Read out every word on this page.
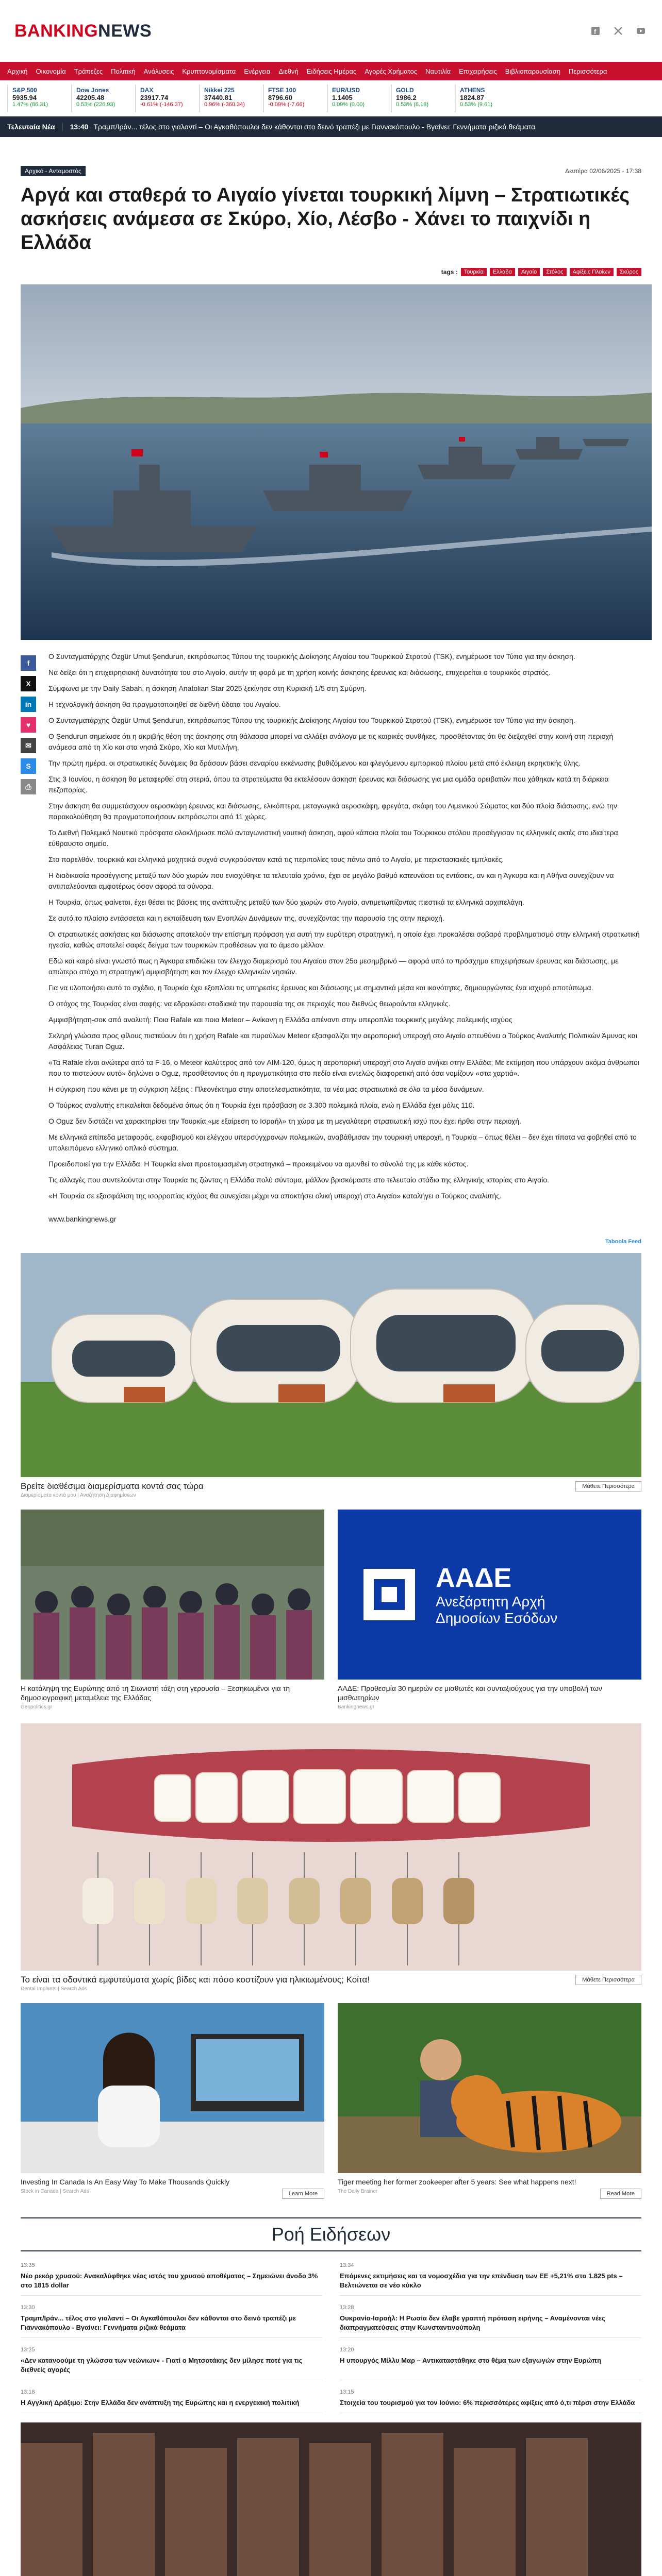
BANKINGNEWS	f
Αρχική Οικονομία Τράπεζες Πολιτική Ανάλυσεις Κρυπτονομίσματα Ενέργεια Διεθνή Ειδήσεις Ημέρας Αγορές Χρήματος Ναυτιλία Επιχειρήσεις Βιβλιοπαρουσίαση Περισσότερα
S&P 500
5935.94
1.47% (86.31)
Dow Jones
42205.48
0.53% (226.93)
DAX
23917.74
-0.61% (-146.37)
Nikkei 225
37440.81
0.96% (-360.34)
FTSE 100
8796.60
-0.09% (-7.66)
EUR/USD
1.1405
0.09% (0.00)
GOLD
1986.2
0.53% (6.18)
ATHENS
1824.87
0.53% (9.61)
Τελευταία Νέα	13:40 Τραμπ/Ιράν... τέλος στο γιαλαντί – Οι Αγκαθόπουλοι δεν κάθονται στο δεινό τραπέζι με Γιαννακόπουλο - Βγαίνει: Γεννήματα ριζικά θεάματα
Αρχικό - Ανταμοστός	Δευτέρα 02/06/2025 - 17:38
Αργά και σταθερά το Αιγαίο γίνεται τουρκική λίμνη – Στρατιωτικές ασκήσεις ανάμεσα σε Σκύρο, Χίο, Λέσβο - Χάνει το παιχνίδι η Ελλάδα
tags :	Τουρκία	Ελλάδα	Αιγαίο	Στόλος	Αφίξεις Πλοίων	Σκύρος
f
X
in
♥
✉
S
⎙

Ο Συνταγματάρχης Özgür Umut Şendurun, εκπρόσωπος Τύπου της τουρκικής Διοίκησης Αιγαίου του Τουρκικού Στρατού (TSK), ενημέρωσε τον Τύπο για την άσκηση.

Να δείξει ότι η επιχειρησιακή δυνατότητα του στο Αιγαίο, αυτήν τη φορά με τη χρήση κοινής άσκησης έρευνας και διάσωσης, επιχειρείται ο τουρκικός στρατός.

Σύμφωνα με την Daily Sabah, η άσκηση Anatolian Star 2025 ξεκίνησε στη Κυριακή 1/5 στη Σμύρνη.

Η τεχνολογική άσκηση θα πραγματοποιηθεί σε διεθνή ύδατα του Αιγαίου.

Ο Συνταγματάρχης Özgür Umut Şendurun, εκπρόσωπος Τύπου της τουρκικής Διοίκησης Αιγαίου του Τουρκικού Στρατού (TSK), ενημέρωσε τον Τύπο για την άσκηση.

Ο Şendurun σημείωσε ότι η ακριβής θέση της άσκησης στη θάλασσα μπορεί να αλλάξει ανάλογα με τις καιρικές συνθήκες, προσθέτοντας ότι θα διεξαχθεί στην κοινή στη περιοχή ανάμεσα από τη Χίο και στα νησιά Σκύρο, Χίο και Μυτιλήνη.

Την πρώτη ημέρα, οι στρατιωτικές δυνάμεις θα δράσουν βάσει σεναρίου εκκένωσης βυθιζόμενου και φλεγόμενου εμπορικού πλοίου μετά από έκλειψη εκρηκτικής ύλης.

Στις 3 Ιουνίου, η άσκηση θα μεταφερθεί στη στεριά, όπου τα στρατεύματα θα εκτελέσουν άσκηση έρευνας και διάσωσης για μια ομάδα ορειβατών που χάθηκαν κατά τη διάρκεια πεζοπορίας.

Στην άσκηση θα συμμετάσχουν αεροσκάφη έρευνας και διάσωσης, ελικόπτερα, μεταγωγικά αεροσκάφη, φρεγάτα, σκάφη του Λιμενικού Σώματος και δύο πλοία διάσωσης, ενώ την παρακολούθηση θα πραγματοποιήσουν εκπρόσωποι από 11 χώρες.

Το Διεθνή Πολεμικό Ναυτικό πρόσφατα ολοκλήρωσε πολύ ανταγωνιστική ναυτική άσκηση, αφού κάποια πλοία του Τούρκικου στόλου προσέγγισαν τις ελληνικές ακτές στο ιδιαίτερα εύθραυστο σημείο.

Στο παρελθόν, τουρκικά και ελληνικά μαχητικά συχνά συγκρούονταν κατά τις περιπολίες τους πάνω από το Αιγαίο, με περιστασιακές εμπλοκές.

Η διαδικασία προσέγγισης μεταξύ των δύο χωρών που ενισχύθηκε τα τελευταία χρόνια, έχει σε μεγάλο βαθμό κατευνάσει τις εντάσεις, αν και η Άγκυρα και η Αθήνα συνεχίζουν να αντιπαλεύονται αμφοτέρως όσον αφορά τα σύνορα.

Η Τουρκία, όπως φαίνεται, έχει θέσει τις βάσεις της ανάπτυξης μεταξύ των δύο χωρών στο Αιγαίο, αντιμετωπίζοντας πιεστικά τα ελληνικά αρχιπελάγη.

Σε αυτό το πλαίσιο εντάσσεται και η εκπαίδευση των Ενοπλών Δυνάμεων της, συνεχίζοντας την παρουσία της στην περιοχή.

Οι στρατιωτικές ασκήσεις και διάσωσης αποτελούν την επίσημη πρόφαση για αυτή την ευρύτερη στρατηγική, η οποία έχει προκαλέσει σοβαρό προβληματισμό στην ελληνική στρατιωτική ηγεσία, καθώς αποτελεί σαφές δείγμα των τουρκικών προθέσεων για το άμεσο μέλλον.

Εδώ και καιρό είναι γνωστό πως η Άγκυρα επιδιώκει τον έλεγχο διαμερισμό του Αιγαίου στον 25ο μεσημβρινό — αφορά υπό το πρόσχημα επιχειρήσεων έρευνας και διάσωσης, με απώτερο στόχο τη στρατηγική αμφισβήτηση και τον έλεγχο ελληνικών νησιών.

Για να υλοποιήσει αυτό το σχέδιο, η Τουρκία έχει εξοπλίσει τις υπηρεσίες έρευνας και διάσωσης με σημαντικά μέσα και ικανότητες, δημιουργώντας ένα ισχυρό αποτύπωμα.

Ο στόχος της Τουρκίας είναι σαφής: να εδραιώσει σταδιακά την παρουσία της σε περιοχές που διεθνώς θεωρούνται ελληνικές.

Αμφισβήτηση-σοκ από αναλυτή: Ποια Rafale και ποια Meteor – Ανίκανη η Ελλάδα απέναντι στην υπεροπλία τουρκικής μεγάλης πολεμικής ισχύος

Σκληρή γλώσσα προς φίλους πιστεύουν ότι η χρήση Rafale και πυραύλων Meteor εξασφαλίζει την αεροπορική υπεροχή στο Αιγαίο απευθύνει ο Τούρκος Αναλυτής Πολιτικών Άμυνας και Ασφάλειας Turan Oguz.

«Τα Rafale είναι ανώτερα από τα F-16, ο Meteor καλύτερος από τον AIM-120, όμως η αεροπορική υπεροχή στο Αιγαίο ανήκει στην Ελλάδα; Με εκτίμηση που υπάρχουν ακόμα άνθρωποι που το πιστεύουν αυτό» δηλώνει ο Oguz, προσθέτοντας ότι η πραγματικότητα στο πεδίο είναι εντελώς διαφορετική από όσα νομίζουν «στα χαρτιά».

Η σύγκριση που κάνει με τη σύγκριση λέξεις : Πλεονέκτημα στην αποτελεσματικότητα, τα νέα μας στρατιωτικά σε όλα τα μέσα δυνάμεων.

Ο Τούρκος αναλυτής επικαλείται δεδομένα όπως ότι η Τουρκία έχει πρόσβαση σε 3.300 πολεμικά πλοία, ενώ η Ελλάδα έχει μόλις 110.

Ο Oguz δεν διστάζει να χαρακτηρίσει την Τουρκία «με εξαίρεση το Ισραήλ» τη χώρα με τη μεγαλύτερη στρατιωτική ισχύ που έχει ήρθει στην περιοχή.

Με ελληνικά επίπεδα μεταφοράς, εκφοβισμού και ελέγχου υπερσύγχρονων πολεμικών, αναβάθμισαν την τουρκική υπεροχή, η Τουρκία – όπως θέλει – δεν έχει τίποτα να φοβηθεί από το υπολειπόμενο ελληνικό οπλικό σύστημα.

Προειδοποιεί για την Ελλάδα: Η Τουρκία είναι προετοιμασμένη στρατηγικά – προκειμένου να αμυνθεί το σύνολό της με κάθε κόστος.

Τις αλλαγές που συντελούνται στην Τουρκία τις ζώντας η Ελλάδα πολύ σύντομα, μάλλον βρισκόμαστε στο τελευταίο στάδιο της ελληνικής ιστορίας στο Αιγαίο.

«Η Τουρκία σε εξασφάλιση της ισορροπίας ισχύος θα συνεχίσει μέχρι να αποκτήσει ολική υπεροχή στο Αιγαίο» καταλήγει ο Τούρκος αναλυτής.

www.bankingnews.gr
Taboola Feed
Βρείτε διαθέσιμα διαμερίσματα κοντά σας τώρα	Μάθετε Περισσότερα
Διαμερίσματα κοντά μου | Αναζήτηση Διαφημίσεων
Η κατάληψη της Ευρώπης από τη Σιωνιστή τάξη στη γερουσία – Ξεσηκωμένοι για τη δημοσιογραφική μεταμέλεια της Ελλάδας
Geopolitics.gr
ΑΑΔΕ
Ανεξάρτητη Αρχή
Δημοσίων Εσόδων
ΑΑΔΕ: Προθεσμία 30 ημερών σε μισθωτές και συνταξιούχους για την υποβολή των μισθωτηρίων
Bankingnews.gr
Το είναι τα οδοντικά εμφυτεύματα χωρίς βίδες και πόσο κοστίζουν για ηλικιωμένους; Κοίτα!	Μάθετε Περισσότερα
Dental Implants | Search Ads
Investing In Canada Is An Easy Way To Make Thousands Quickly
Stock in Canada | Search Ads	Learn More
Tiger meeting her former zookeeper after 5 years: See what happens next!
The Daily Brainer	Read More
Ροή Ειδήσεων
13:35
Νέο ρεκόρ χρυσού: Ανακαλύφθηκε νέος ιστός του χρυσού αποθέματος – Σημειώνει άνοδο 3% στο 1815 dollar
13:34
Επόμενες εκτιμήσεις και τα νομοσχέδια για την επένδυση των ΕΕ +5,21% στα 1.825 pts – Βελτιώνεται σε νέο κύκλο
13:30
Τραμπ/Ιράν... τέλος στο γιαλαντί – Οι Αγκαθόπουλοι δεν κάθονται στο δεινό τραπέζι με Γιαννακόπουλο - Βγαίνει: Γεννήματα ριζικά θεάματα
13:28
Ουκρανία-Ισραήλ: Η Ρωσία δεν έλαβε γραπτή πρόταση ειρήνης – Αναμένονται νέες διαπραγματεύσεις στην Κωνσταντινούπολη
13:25
«Δεν κατανοούμε τη γλώσσα των νεώνιων» - Γιατί ο Μητσοτάκης δεν μίλησε ποτέ για τις διεθνείς αγορές
13:20
Η υπουργός Μίλλυ Μαρ – Αντικαταστάθηκε στο θέμα των εξαγωγών στην Ευρώπη
13:18
Η Αγγλική Δράξιμο: Στην Ελλάδα δεν ανάπτυξη της Ευρώπης και η ενεργειακή πολιτική
13:15
Στοιχεία του τουρισμού για τον Ιούνιο: 6% περισσότερες αφίξεις από ό,τι πέρσι στην Ελλάδα
